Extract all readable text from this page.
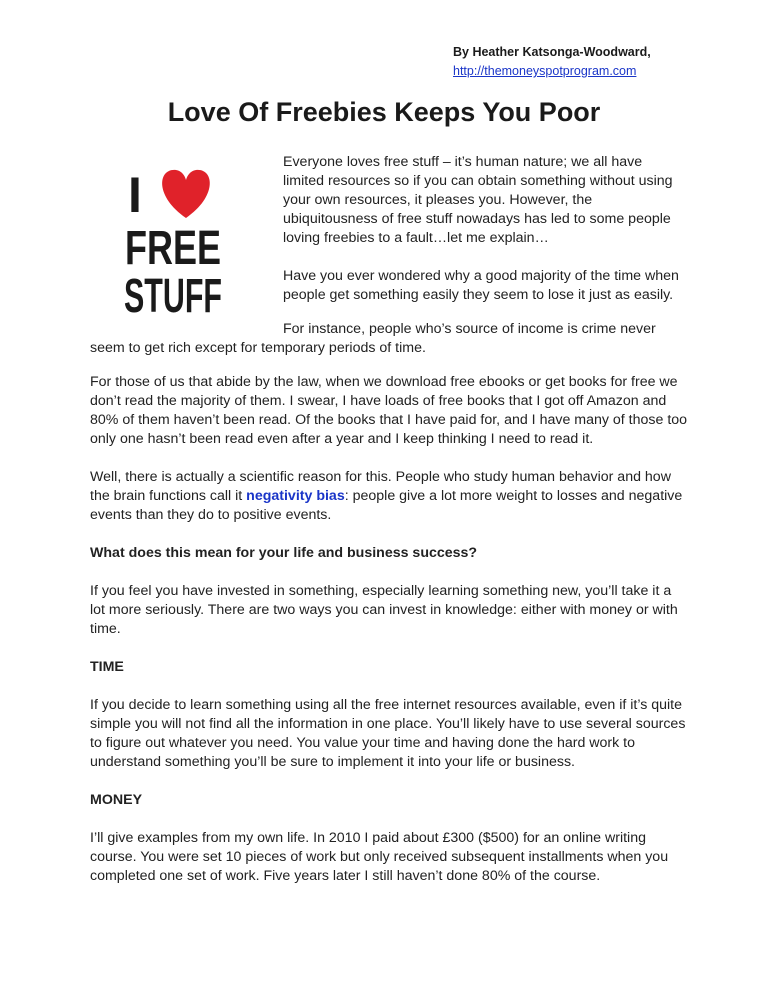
By Heather Katsonga-Woodward,
http://themoneyspotprogram.com
Love Of Freebies Keeps You Poor
I
FREE
STUFF

Everyone loves free stuff – it’s human nature; we all have limited resources so if you can obtain something without using your own resources, it pleases you. However, the ubiquitousness of free stuff nowadays has led to some people loving freebies to a fault…let me explain…

Have you ever wondered why a good majority of the time when people get something easily they seem to lose it just as easily.

For instance, people who’s source of income is crime never seem to get rich except for temporary periods of time.

For those of us that abide by the law, when we download free ebooks or get books for free we don’t read the majority of them. I swear, I have loads of free books that I got off Amazon and 80% of them haven’t been read. Of the books that I have paid for, and I have many of those too only one hasn’t been read even after a year and I keep thinking I need to read it.

Well, there is actually a scientific reason for this. People who study human behavior and how the brain functions call it negativity bias: people give a lot more weight to losses and negative events than they do to positive events.

What does this mean for your life and business success?

If you feel you have invested in something, especially learning something new, you’ll take it a lot more seriously. There are two ways you can invest in knowledge: either with money or with time.

TIME

If you decide to learn something using all the free internet resources available, even if it’s quite simple you will not find all the information in one place. You’ll likely have to use several sources to figure out whatever you need. You value your time and having done the hard work to understand something you’ll be sure to implement it into your life or business.

MONEY

I’ll give examples from my own life. In 2010 I paid about £300 ($500) for an online writing course. You were set 10 pieces of work but only received subsequent installments when you completed one set of work. Five years later I still haven’t done 80% of the course.
